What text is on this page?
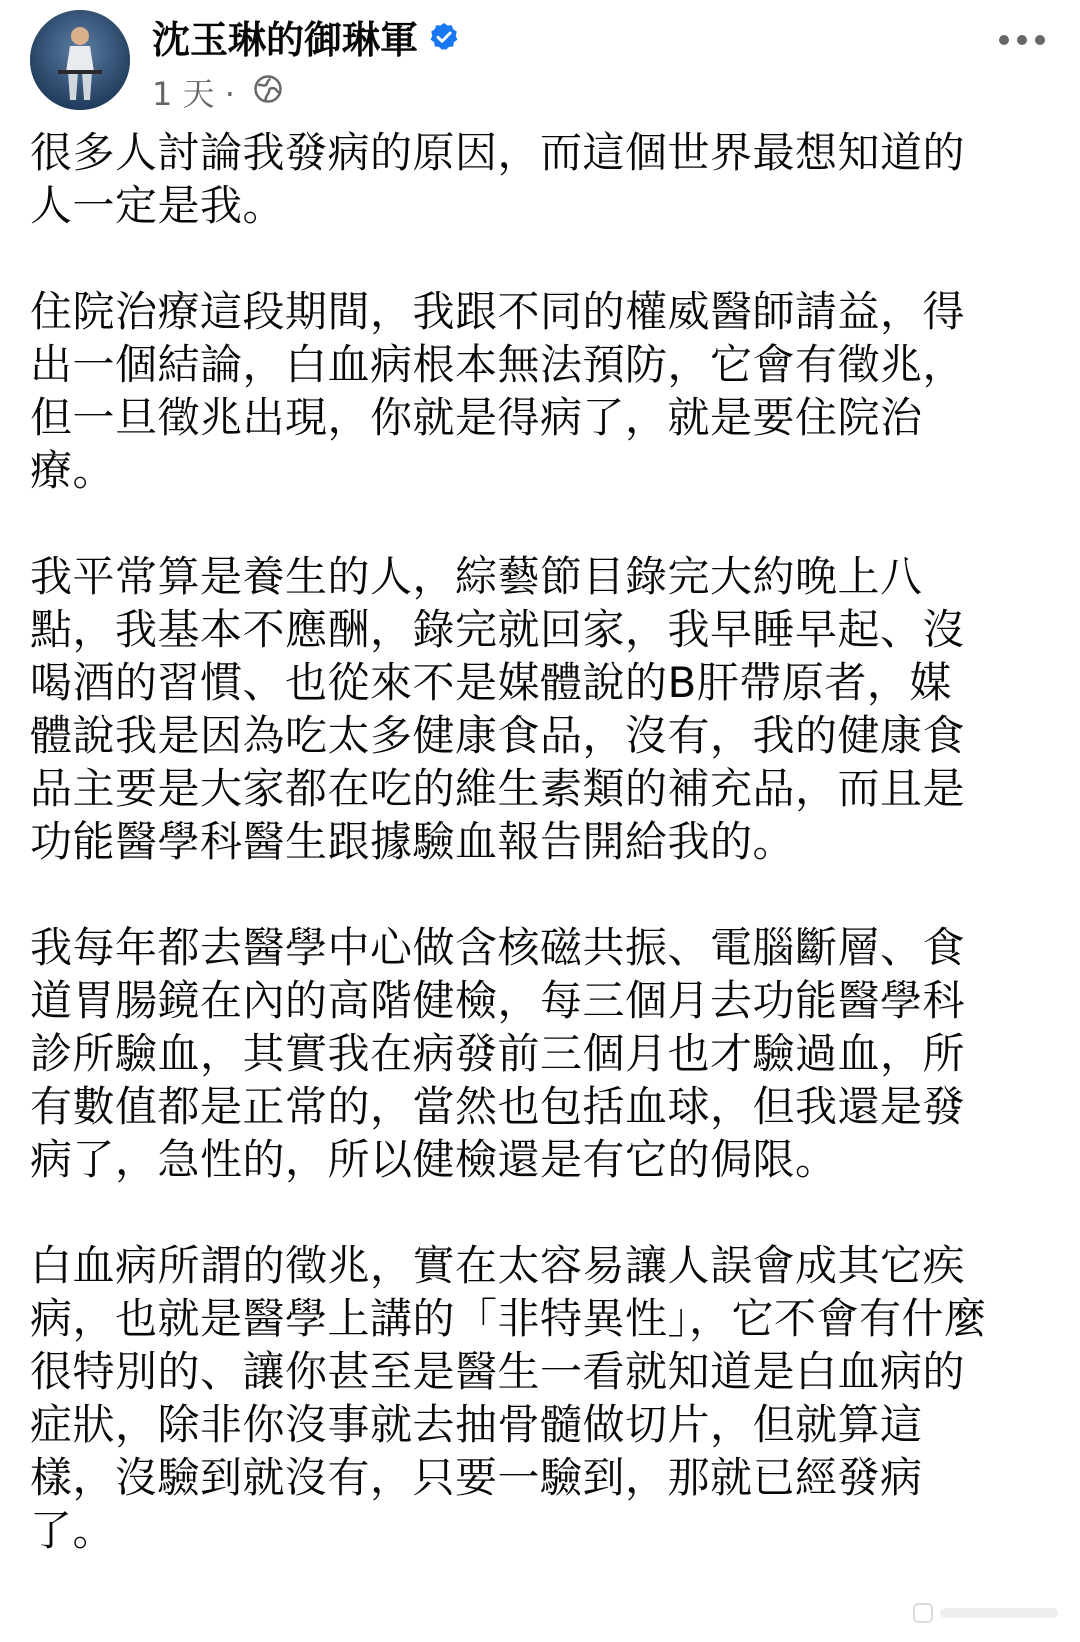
沈玉琳的御琳軍
1 天 ·

很多人討論我發病的原因，而這個世界最想知道的
人一定是我。

住院治療這段期間，我跟不同的權威醫師請益，得
出一個結論，白血病根本無法預防，它會有徵兆，
但一旦徵兆出現，你就是得病了，就是要住院治
療。

我平常算是養生的人，綜藝節目錄完大約晚上八
點，我基本不應酬，錄完就回家，我早睡早起、沒
喝酒的習慣、也從來不是媒體說的B肝帶原者，媒
體說我是因為吃太多健康食品，沒有，我的健康食
品主要是大家都在吃的維生素類的補充品，而且是
功能醫學科醫生跟據驗血報告開給我的。

我每年都去醫學中心做含核磁共振、電腦斷層、食
道胃腸鏡在內的高階健檢，每三個月去功能醫學科
診所驗血，其實我在病發前三個月也才驗過血，所
有數值都是正常的，當然也包括血球，但我還是發
病了，急性的，所以健檢還是有它的侷限。

白血病所謂的徵兆，實在太容易讓人誤會成其它疾
病，也就是醫學上講的「非特異性」，它不會有什麼
很特別的、讓你甚至是醫生一看就知道是白血病的
症狀，除非你沒事就去抽骨髓做切片，但就算這
樣，沒驗到就沒有，只要一驗到，那就已經發病
了。
